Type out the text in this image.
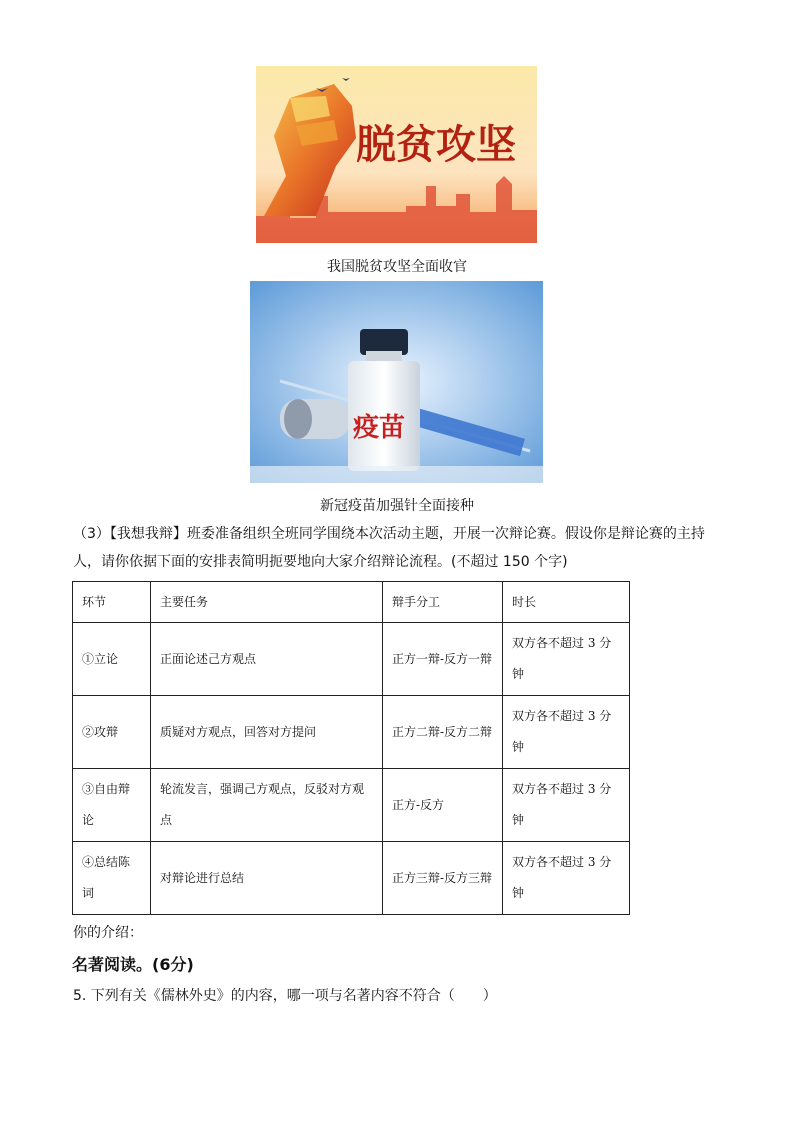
脱贫攻坚
我国脱贫攻坚全面收官
疫苗
新冠疫苗加强针全面接种
（3）【我想我辩】班委准备组织全班同学围绕本次活动主题，开展一次辩论赛。假设你是辩论赛的主持人，请你依据下面的安排表简明扼要地向大家介绍辩论流程。(不超过 150 个字)
环节	主要任务	辩手分工	时长
①立论	正面论述己方观点	正方一辩-反方一辩	双方各不超过 3 分钟
②攻辩	质疑对方观点，回答对方提问	正方二辩-反方二辩	双方各不超过 3 分钟
③自由辩论	轮流发言，强调己方观点，反驳对方观点	正方-反方	双方各不超过 3 分钟
④总结陈词	对辩论进行总结	正方三辩-反方三辩	双方各不超过 3 分钟
你的介绍：
名著阅读。(6分)
5. 下列有关《儒林外史》的内容，哪一项与名著内容不符合（　　）
